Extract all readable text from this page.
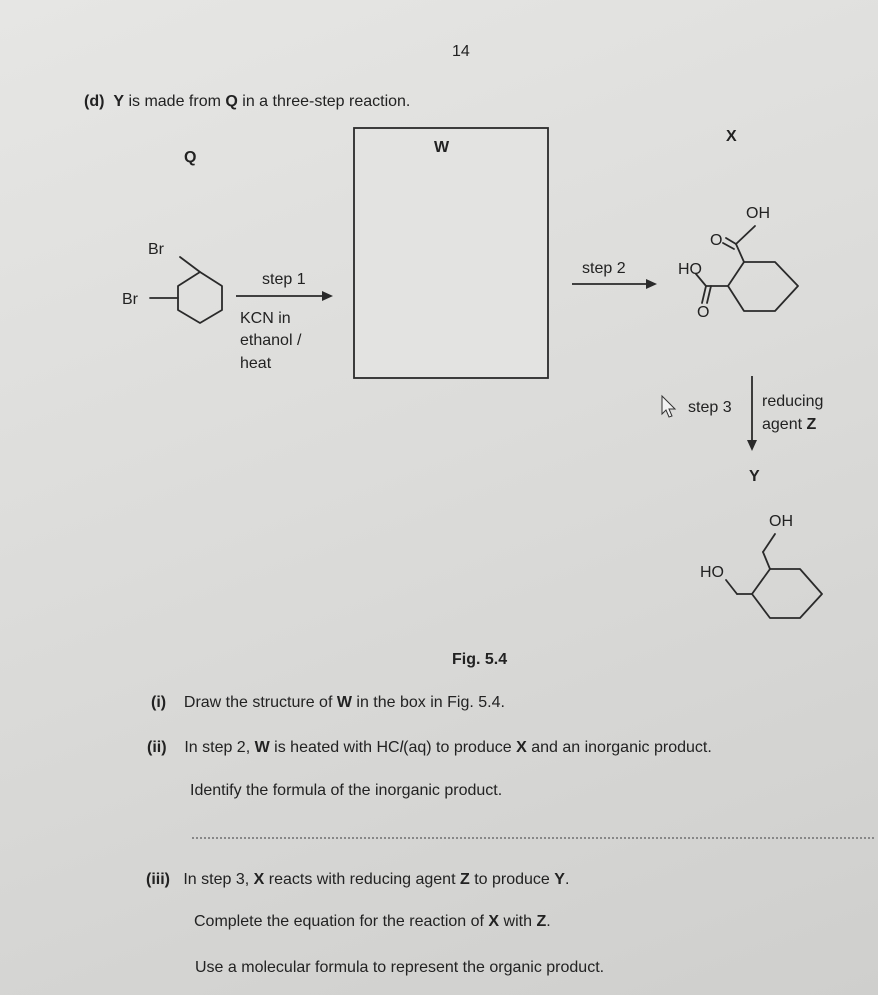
14
(d) Y is made from Q in a three-step reaction.
Q
W
X
Br
Br
step 1
KCN in
ethanol /
heat
step 2
OH
O
HO
O
step 3 reducing
agent Z
Y
OH
HO
Fig. 5.4
(i) Draw the structure of W in the box in Fig. 5.4.
(ii) In step 2, W is heated with HCl(aq) to produce X and an inorganic product.
Identify the formula of the inorganic product.
(iii) In step 3, X reacts with reducing agent Z to produce Y.
Complete the equation for the reaction of X with Z.
Use a molecular formula to represent the organic product.
